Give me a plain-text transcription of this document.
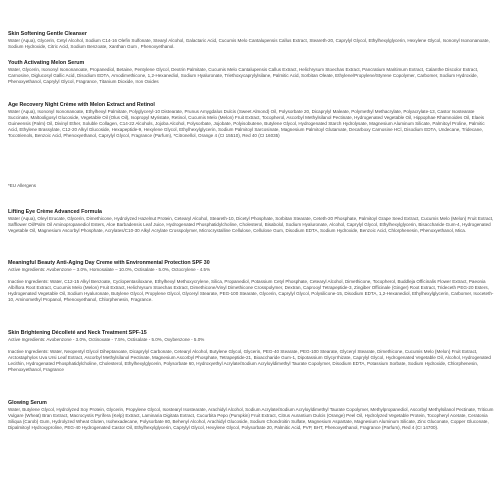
Skin Softening Gentle Cleanser

Water (Aqua), Glycerin, Cetyl Alcohol, Sodium C14-16 Olefin Sulfonate, Stearyl Alcohol, Galactaric Acid, Cucumis Melo Cantalupensis Callus Extract, Steareth-20, Caprylyl Glycol, Ethylhexylglycerin, Hexylene Glycol, Isononyl Isononanoate, Sodium Hydroxide, Citric Acid, Sodium Benzoate, Xanthan Gum , Phenoxyethanol.

Youth Activating Melon Serum

Water, Glycerin, Isononyl Isononanoate, Propanediol, Betaine, Pentylene Glycol, Dextrin Palmitate, Cucumis Melo Cantalupensis Callus Extract, Helichrysum Stoechas Extract, Pancratium Maritimum Extract, Calanthe Discolor Extract, Carnosine, Diglucosyl Gallic Acid, Disodium EDTA, Amodimethicone, 1,2-Hexanediol, Sodium Hyaluronate, Triethoxycaprylylsilane, Palmitic Acid, Sorbitan Oleate, Ethylene/Propylene/Styrene Copolymer, Carbomer, Sodium Hydroxide, Phenoxyethanol, Caprylyl Glycol, Fragrance, Titanium Dioxide, Iron Oxides

Age Recovery Night Crème with Melon Extract and Retinol

Water (Aqua), Isononyl Isononanoate, Ethylhexyl Palmitate, Polyglyceryl-10 Distearate, Prunus Amygdalus Dulcis (Sweet Almond) Oil, Polysorbate 20, Dicaprylyl Maleate, Polymethyl Methacrylate, Polyacrylate-13, Castor Isostearate Succinate, Maltooligosyl Glucoside, Vegetable Oil (Olus Oil), Isopropyl Myristate, Retinol, Cucumis Melo (Melon) Fruit Extract, Tocopherol, Ascorbyl Methylsilanol Pectinate, Hydrogenated Vegetable Oil, Hippophae Rhamnoides Oil, Elaeis Guineensis (Palm) Oil, Divinyl Ether, Soluble Collagen, C14-22 Alcohols, Jojoba Alcohol, Polysorbate, Jojobate, Polyisobutene, Butylene Glycol, Hydrogenated Starch Hydrolysate, Magnesium Aluminum Silicate, Palmitoyl Proline, Palmitic Acid, Ethylene Brassylate, C12-20 Alkyl Glucoside, Hexapeptide-9, Hexylene Glycol, Ethylhexylglycerin, Sodium Palmitoyl Sarcosinate, Magnesium Palmitoyl Glutamate, Decarboxy Carnosine HCl, Disodium EDTA, Undecane, Tridecane, Tocotrienols, Benzoic Acid, Phenoxyethanol, Caprylyl Glycol, Fragrance (Parfum), *Citronellol, Orange 4 (CI 15510), Red 40 (CI 16035)

*EU Allergens

Lifting Eye Crème Advanced Formula

Water (Aqua), Oleyl Erucate, Glycerin, Dimethicone, Hydrolyzed Hazelnut Protein, Cetearyl Alcohol, Steareth-10, Dicetyl Phosphate, Sorbitan Stearate, Ceteth-20 Phosphate, Palmitoyl Grape Seed Extract, Cucumis Melo (Melon) Fruit Extract, Safflower Oil/Palm Oil Aminopropanediol Esters, Aloe Barbadensis Leaf Juice, Hydrogenated Phosphatidylcholine, Cholesterol, Bisabolol, Sodium Hyaluronate, Alcohol, Caprylyl Glycol, Ethylhexylglycerin, Bisaccharide Gum-4, Hydrogenated Vegetable Oil, Magnesium Ascorbyl Phosphate, Acrylates/C10-30 Alkyl Acrylate Crosspolymer, Microcrystalline Cellulose, Cellulose Gum, Disodium EDTA, Sodium Hydroxide, Benzoic Acid, Chlorphenesin, Phenoxyethanol, Mica.

Meaningful Beauty Anti-Aging Day Creme with Environmental Protection SPF 30

Active Ingredients: Avobenzone – 3.0%, Homosalate – 10.0%, Octisalate - 5.0%, Octocrylene - 4.5%

Inactive Ingredients: Water, C12-15 Alkyl Benzoate, Cyclopentasiloxane, Ethylhexyl Methoxycrylene, Silica, Propanediol, Potassium Cetyl Phosphate, Cetearyl Alcohol, Dimethicone, Tocopherol, Buddleja Officinalis Flower Extract, Paeonia Albiflora Root Extract, Cucumis Melo (Melon) Fruit Extract, Helichrysum Stoechas Extract, Dimethicone/Vinyl Dimethicone Crosspolymer, Dextran, Caprooyl Tetrapeptide-3, Zingiber Officinale (Ginger) Root Extract, Trideceth PEG-20 Esters, Hydrogenated Vegetable Oil, Sodium Hyaluronate, Butylene Glycol, Propylene Glycol, Glyceryl Stearate, PEG-100 Stearate, Glycerin, Caprylyl Glycol, Polysilicone-15, Disodium EDTA, 1,2-Hexanediol, Ethylhexylglycerin, Carbomer, Isoceteth-10, Aminomethyl Propanol, Phenoxyethanol, Chlorphenesin, Fragrance.

Skin Brightening Décolleté and Neck Treatment SPF-15

Active Ingredients: Avobenzone - 3.0%, Octinoxate - 7.5%, Octisalate - 5.0%, Oxybenzone - 5.0%

Inactive Ingredients: Water, Neopentyl Glycol Diheptanoate, Dicaprylyl Carbonate, Cetearyl Alcohol, Butylene Glycol, Glycerin, PEG-40 Stearate, PEG-100 Stearate, Glyceryl Stearate, Dimethicone, Cucumis Melo (Melon) Fruit Extract, Arctostaphylos Uva Ursi Leaf Extract, Ascorbyl Methylsilanol Pectinate, Magnesium Ascorbyl Phosphate, Tetrapeptide-21, Bioaccharide Gum-1, Dipotassium Glycyrrhizate, Caprylyl Glycol, Hydrogenated Vegetable Oil, Alcohol, Hydrogenated Lecithin, Hydrogenated Phosphatidylcholine, Cholesterol, Ethylhexylglycerin, Polysorbate 60, Hydroxyethyl Acrylate/Sodium Acryloyldimethyl Taurate Copolymer, Disodium EDTA, Potassium Sorbate, Sodium Hydroxide, Chlorphenesin, Phenoxyethanol, Fragrance

Glowing Serum

Water, Butylene Glycol, Hydrolyzed Soy Protein, Glycerin, Propylene Glycol, Isostearyl Isostearate, Arachidyl Alcohol, Sodium Acrylate/Sodium Acryloyldimethyl Taurate Copolymer, Methylpropanediol, Ascorbyl Methylsilanol Pectinate, Triticum Vulgare (Wheat) Bran Extract, Macrocystis Pyrifera (Kelp) Extract, Laminaria Digitata Extract, Cucurbita Pepo (Pumpkin) Fruit Extract, Citrus Aurantium Dulcis (Orange) Peel Oil, Hydrolyzed Vegetable Protein, Tocopheryl Acetate, Ceratonia Siliqua (Carob) Gum, Hydrolyzed Wheat Gluten, Isohexadecane, Polysorbate 80, Behenyl Alcohol, Arachidyl Glucoside, Sodium Chondroitin Sulfate, Magnesium Aspartate, Magnesium Aluminum Silicate, Zinc Gluconate, Copper Gluconate, Dipalmitoyl Hydroxyproline, PEG-40 Hydrogenated Castor Oil, Ethylhexylglycerin, Caprylyl Glycol, Hexylene Glycol, Polysorbate 20, Palmitic Acid, PVP, BHT, Phenoxyethanol, Fragrance (Parfum), Red 4 (CI 14700).
